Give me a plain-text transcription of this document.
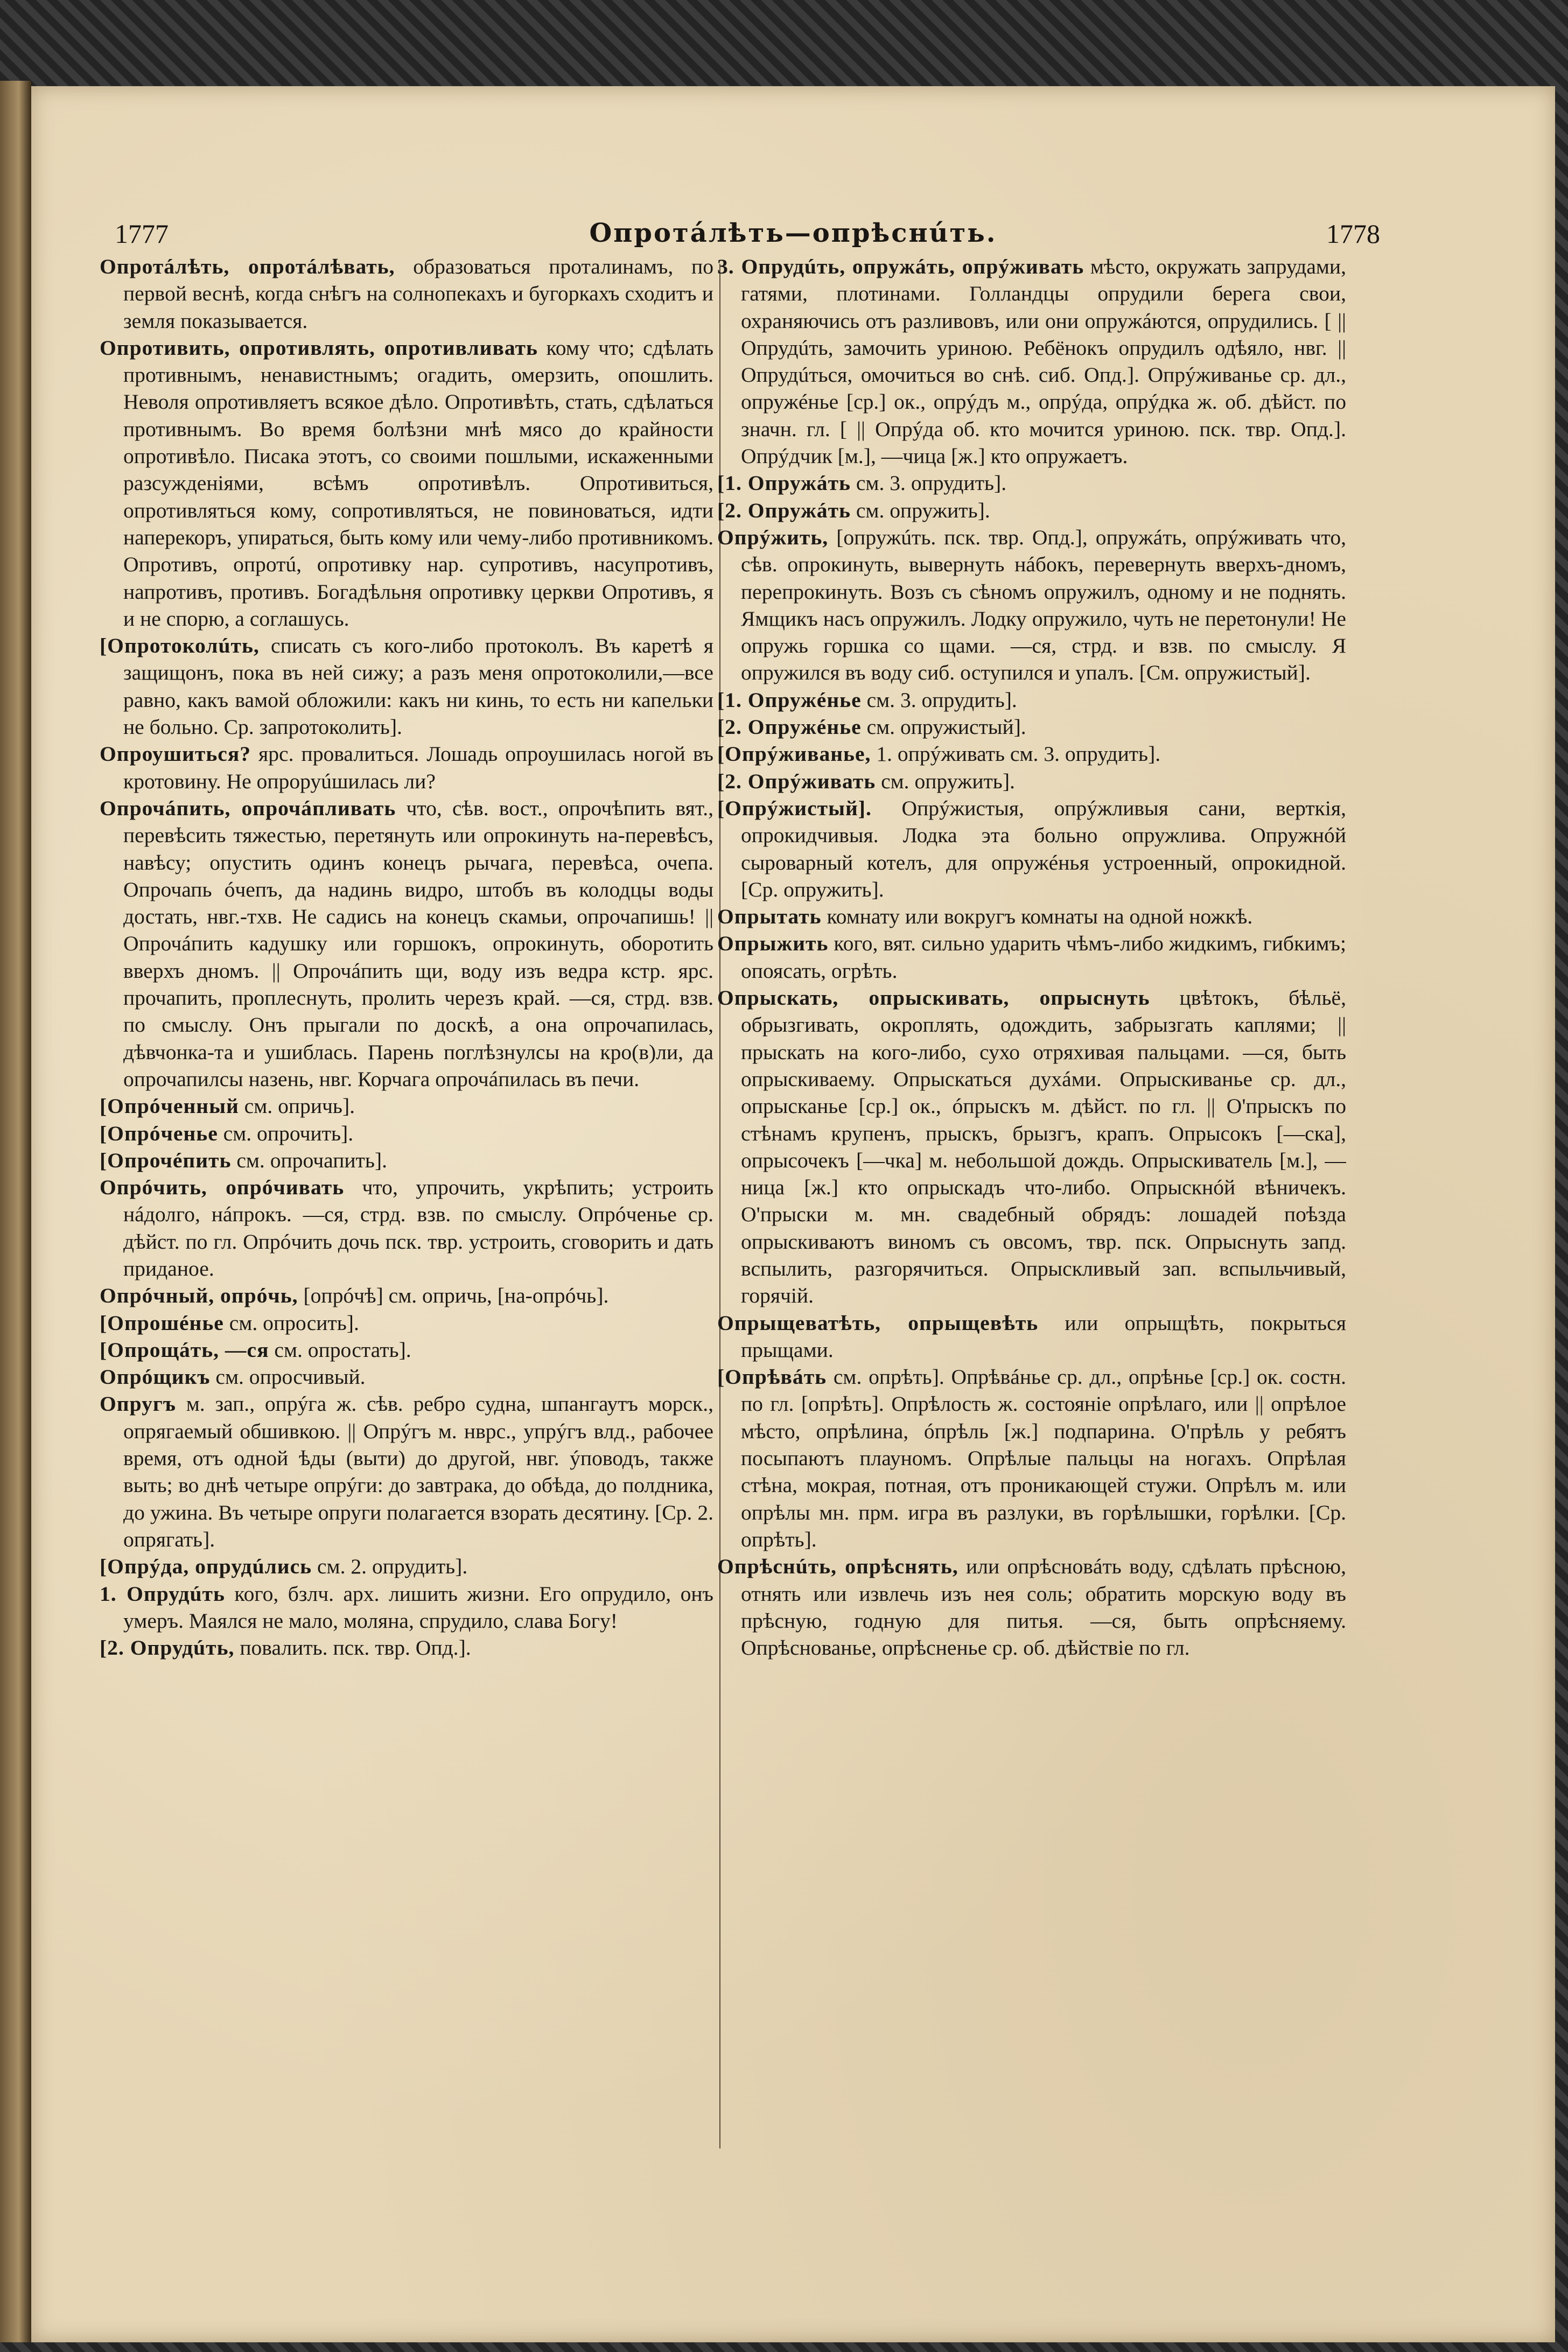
1777	Опротáлѣть—опрѣснúть.	1778
Опротáлѣть, опротáлѣвать, образоваться проталинамъ, по первой веснѣ, когда снѣгъ на солнопекахъ и бугоркахъ сходитъ и земля показывается.
Опротивить, опротивлять, опротивливать кому что; сдѣлать противнымъ, ненавистнымъ; огадить, омерзить, опошлить. Неволя опротивляетъ всякое дѣло. Опротивѣть, стать, сдѣлаться противнымъ. Во время болѣзни мнѣ мясо до крайности опротивѣло. Писака этотъ, со своими пошлыми, искаженными разсужденiями, всѣмъ опротивѣлъ. Опротивиться, опротивляться кому, сопротивляться, не повиноваться, идти наперекоръ, упираться, быть кому или чему-либо противникомъ. Опротивъ, опротú, опротивку нар. супротивъ, насупротивъ, напротивъ, противъ. Богадѣльня опротивку церкви Опротивъ, я и не спорю, а соглашусь.
[Опротоколúть, списать съ кого-либо протоколъ. Въ каретѣ я защищонъ, пока въ ней сижу; а разъ меня опротоколили,—все равно, какъ вамой обложили: какъ ни кинь, то есть ни капельки не больно. Ср. запротоколить].
Опроушиться? ярс. провалиться. Лошадь опроушилась ногой въ кротовину. Не опроруúшилась ли?
Опрочáпить, опрочáпливать что, сѣв. вост., опрочѣпить вят., перевѣсить тяжестью, перетянуть или опрокинуть на-перевѣсъ, навѣсу; опустить одинъ конецъ рычага, перевѣса, очепа. Опрочапь óчепъ, да надинь видро, штобъ въ колодцы воды достать, нвг.-тхв. Не садись на конецъ скамьи, опрочапишь! || Опрочáпить кадушку или горшокъ, опрокинуть, оборотить вверхъ дномъ. || Опрочáпить щи, воду изъ ведра кстр. ярс. прочапить, проплеснуть, пролить черезъ край. —ся, стрд. взв. по смыслу. Онъ прыгали по доскѣ, а она опрочапилась, дѣвчонка-та и ушиблась. Парень поглѣзнулсы на кро(в)ли, да опрочапилсы назень, нвг. Корчага опрочáпилась въ печи.
[Опрóченный см. опричь].
[Опрóченье см. опрочить].
[Опрочéпить см. опрочапить].
Опрóчить, опрóчивать что, упрочить, укрѣпить; устроить нáдолго, нáпрокъ. —ся, стрд. взв. по смыслу. Опрóченье ср. дѣйст. по гл. Опрóчить дочь пск. твр. устроить, сговорить и дать приданое.
Опрóчный, опрóчь, [опрóчѣ] см. опричь, [на-опрóчь].
[Опрошéнье см. опросить].
[Опрощáть, —ся см. опростать].
Опрóщикъ см. опросчивый.
Опругъ м. зап., опрýга ж. сѣв. ребро судна, шпангаутъ морск., опрягаемый обшивкою. || Опрýгъ м. нврс., упрýгъ влд., рабочее время, отъ одной ѣды (выти) до другой, нвг. ýповодъ, также выть; во днѣ четыре опрýги: до завтрака, до обѣда, до полдника, до ужина. Въ четыре опруги полагается взорать десятину. [Ср. 2. опрягать].
[Опрýда, опрудúлись см. 2. опрудить].
1. Опрудúть кого, бзлч. арх. лишить жизни. Его опрудило, онъ умеръ. Маялся не мало, моляна, спрудило, слава Богу!
[2. Опрудúть, повалить. пск. твр. Опд.].
3. Опрудúть, опружáть, опрýживать мѣсто, окружать запрудами, гатями, плотинами. Голландцы опрудили берега свои, охраняючись отъ разливовъ, или они опружáются, опрудились. [ || Опрудúть, замочить уриною. Ребёнокъ опрудилъ одѣяло, нвг. || Опрудúться, омочиться во снѣ. сиб. Опд.]. Опрýживанье ср. дл., опружéнье [ср.] ок., опрýдъ м., опрýда, опрýдка ж. об. дѣйст. по значн. гл. [ || Опрýда об. кто мочится уриною. пск. твр. Опд.]. Опрýдчик [м.], —чица [ж.] кто опружаетъ.
[1. Опружáть см. 3. опрудить].
[2. Опружáть см. опружить].
Опрýжить, [опружúть. пск. твр. Опд.], опружáть, опрýживать что, сѣв. опрокинуть, вывернуть нáбокъ, перевернуть вверхъ-дномъ, перепрокинуть. Возъ съ сѣномъ опружилъ, одному и не поднять. Ямщикъ насъ опружилъ. Лодку опружило, чуть не перетонули! Не опружь горшка со щами. —ся, стрд. и взв. по смыслу. Я опружился въ воду сиб. оступился и упалъ. [См. опружистый].
[1. Опружéнье см. 3. опрудить].
[2. Опружéнье см. опружистый].
[Опрýживанье, 1. опрýживать см. 3. опрудить].
[2. Опрýживать см. опружить].
[Опрýжистый]. Опрýжистыя, опрýжливыя сани, верткія, опрокидчивыя. Лодка эта больно опружлива. Опружнóй сыроварный котелъ, для опружéнья устроенный, опрокидной. [Ср. опружить].
Опрытать комнату или вокругъ комнаты на одной ножкѣ.
Опрыжить кого, вят. сильно ударить чѣмъ-либо жидкимъ, гибкимъ; опоясать, огрѣть.
Опрыскать, опрыскивать, опрыснуть цвѣтокъ, бѣльё, обрызгивать, окроплять, одождить, забрызгать каплями; || прыскать на кого-либо, сухо отряхивая пальцами. —ся, быть опрыскиваему. Опрыскаться духáми. Опрыскиванье ср. дл., опрысканье [ср.] ок., óпрыскъ м. дѣйст. по гл. || О'прыскъ по стѣнамъ крупенъ, прыскъ, брызгъ, крапъ. Опрысокъ [—ска], опрысочекъ [—чка] м. небольшой дождь. Опрыскиватель [м.], —ница [ж.] кто опрыскадъ что-либо. Опрыскнóй вѣничекъ. О'прыски м. мн. свадебный обрядъ: лошадей поѣзда опрыскиваютъ виномъ съ овсомъ, твр. пск. Опрыснуть запд. вспылить, разгорячиться. Опрыскливый зап. вспыльчивый, горячій.
Опрыщеватѣть, опрыщевѣть или опрыщѣть, покрыться прыщами.
[Опрѣвáть см. опрѣть]. Опрѣвáнье ср. дл., опрѣнье [ср.] ок. состн. по гл. [опрѣть]. Опрѣлость ж. состояніе опрѣлаго, или || опрѣлое мѣсто, опрѣлина, óпрѣль [ж.] подпарина. О'прѣль у ребятъ посыпаютъ плауномъ. Опрѣлые пальцы на ногахъ. Опрѣлая стѣна, мокрая, потная, отъ проникающей стужи. Опрѣлъ м. или опрѣлы мн. прм. игра въ разлуки, въ горѣлышки, горѣлки. [Ср. опрѣть].
Опрѣснúть, опрѣснять, или опрѣсновáть воду, сдѣлать прѣсною, отнять или извлечь изъ нея соль; обратить морскую воду въ прѣсную, годную для питья. —ся, быть опрѣсняему. Опрѣснованье, опрѣсненье ср. об. дѣйствіе по гл.
